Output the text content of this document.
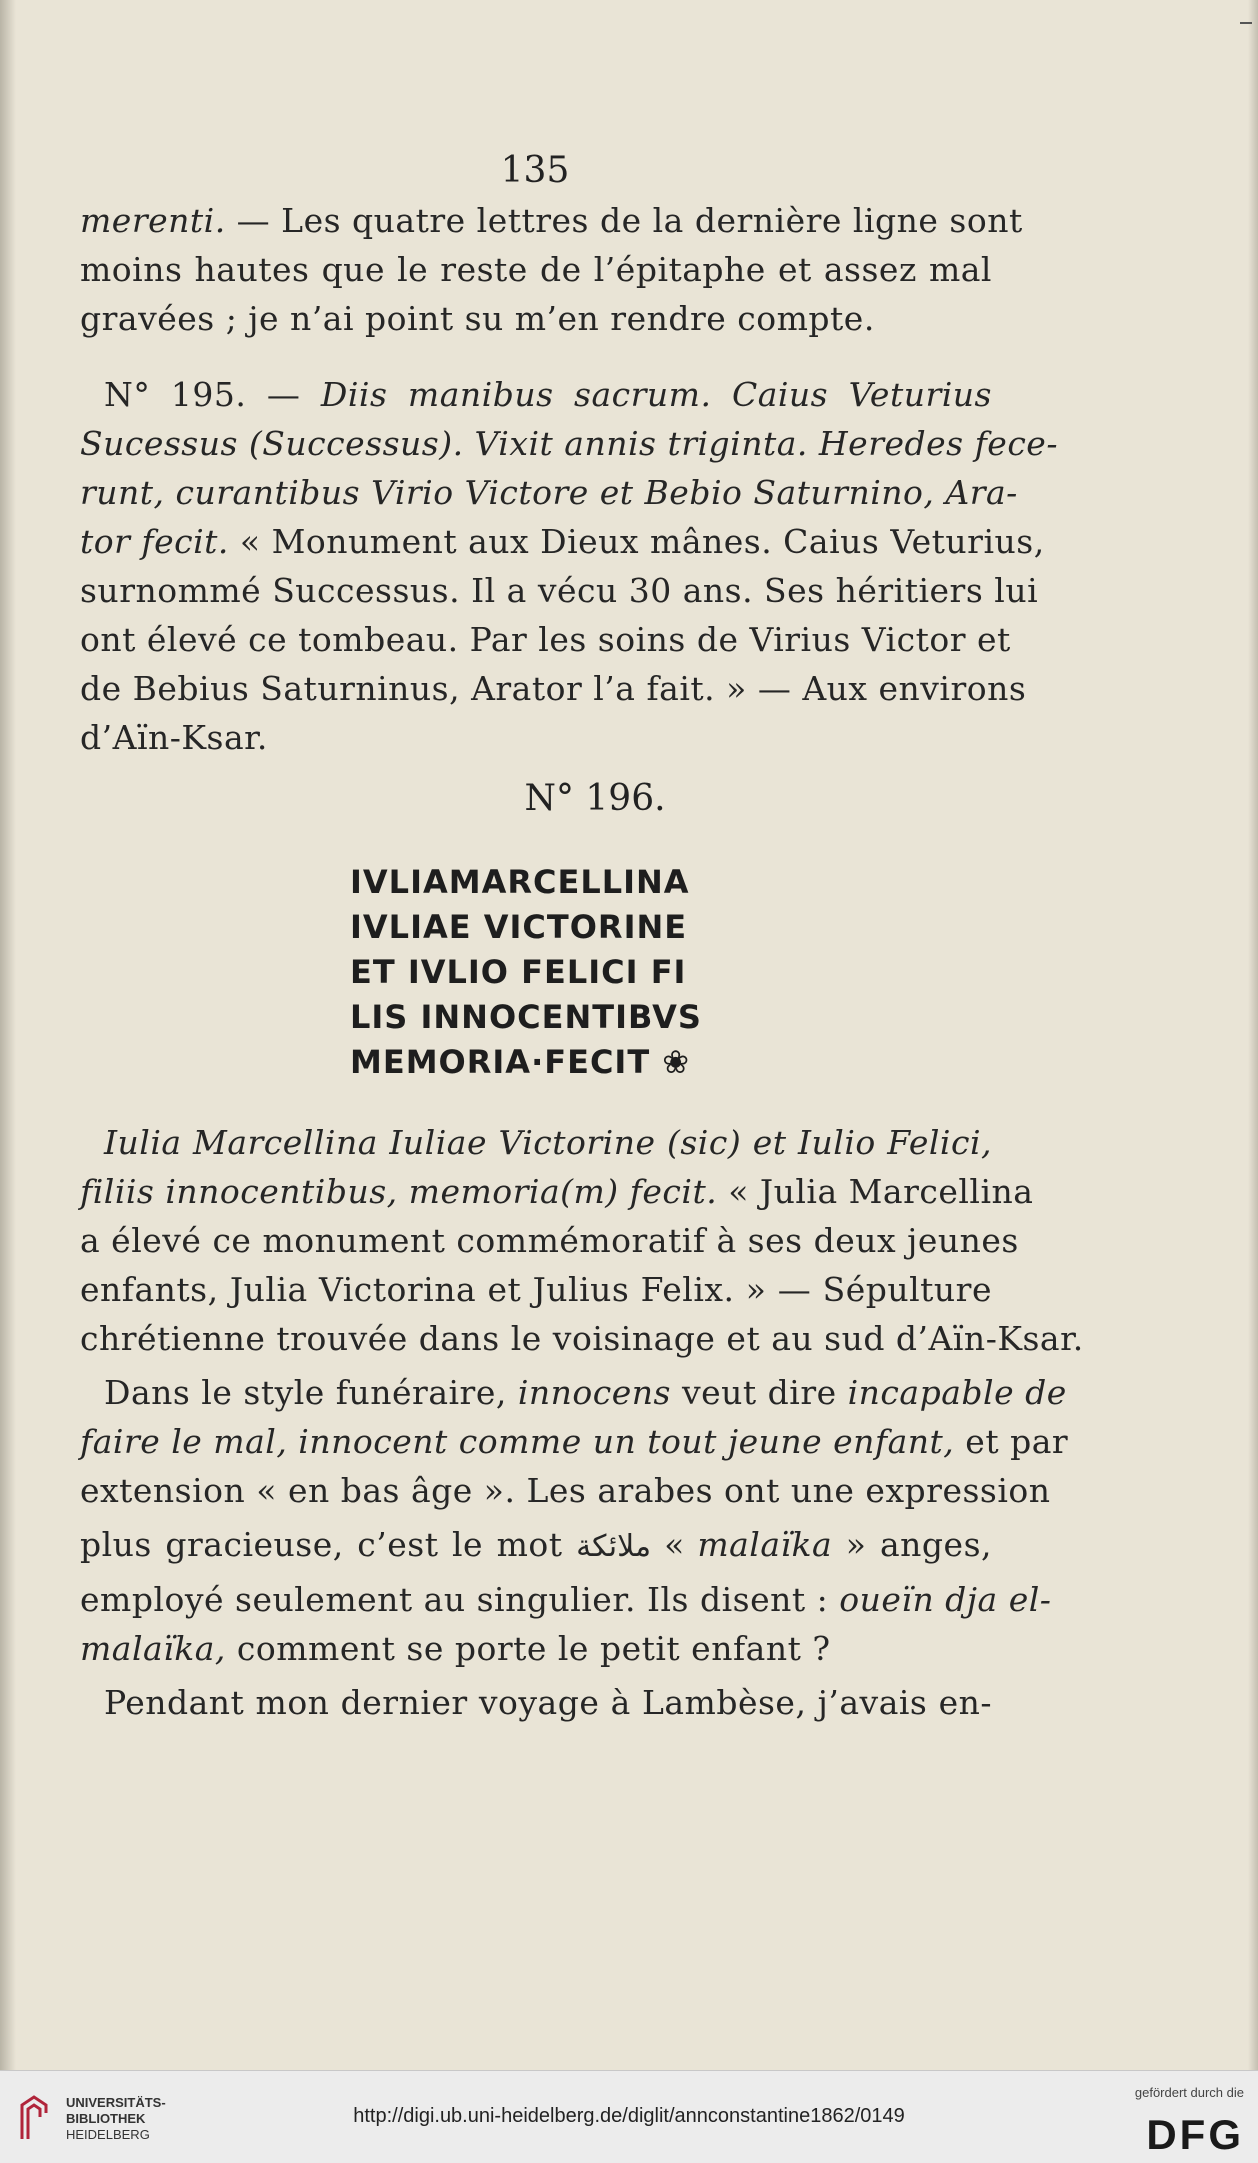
135
merenti. — Les quatre lettres de la dernière ligne sont
moins hautes que le reste de l’épitaphe et assez mal
gravées ; je n’ai point su m’en rendre compte.
N° 195. — Diis manibus sacrum. Caius Veturius
Sucessus (Successus). Vixit annis triginta. Heredes fece-
runt, curantibus Virio Victore et Bebio Saturnino, Ara-
tor fecit. « Monument aux Dieux mânes. Caius Veturius,
surnommé Successus. Il a vécu 30 ans. Ses héritiers lui
ont élevé ce tombeau. Par les soins de Virius Victor et
de Bebius Saturninus, Arator l’a fait. » — Aux environs
d’Aïn-Ksar.
N° 196.
IVLIAMARCELLINA
IVLIAE VICTORINE
ET IVLIO FELICI FI
LIS INNOCENTIBVS
MEMORIA·FECIT ❀
Iulia Marcellina Iuliae Victorine (sic) et Iulio Felici,
filiis innocentibus, memoria(m) fecit. « Julia Marcellina
a élevé ce monument commémoratif à ses deux jeunes
enfants, Julia Victorina et Julius Felix. » — Sépulture
chrétienne trouvée dans le voisinage et au sud d’Aïn-Ksar.
Dans le style funéraire, innocens veut dire incapable de
faire le mal, innocent comme un tout jeune enfant, et par
extension « en bas âge ». Les arabes ont une expression
plus gracieuse, c’est le mot ملائكة « malaïka » anges,
employé seulement au singulier. Ils disent : oueïn dja el-
malaïka, comment se porte le petit enfant ?
Pendant mon dernier voyage à Lambèse, j’avais en-
UNIVERSITÄTS-
BIBLIOTHEK
HEIDELBERG
http://digi.ub.uni-heidelberg.de/diglit/annconstantine1862/0149
gefördert durch die
DFG
